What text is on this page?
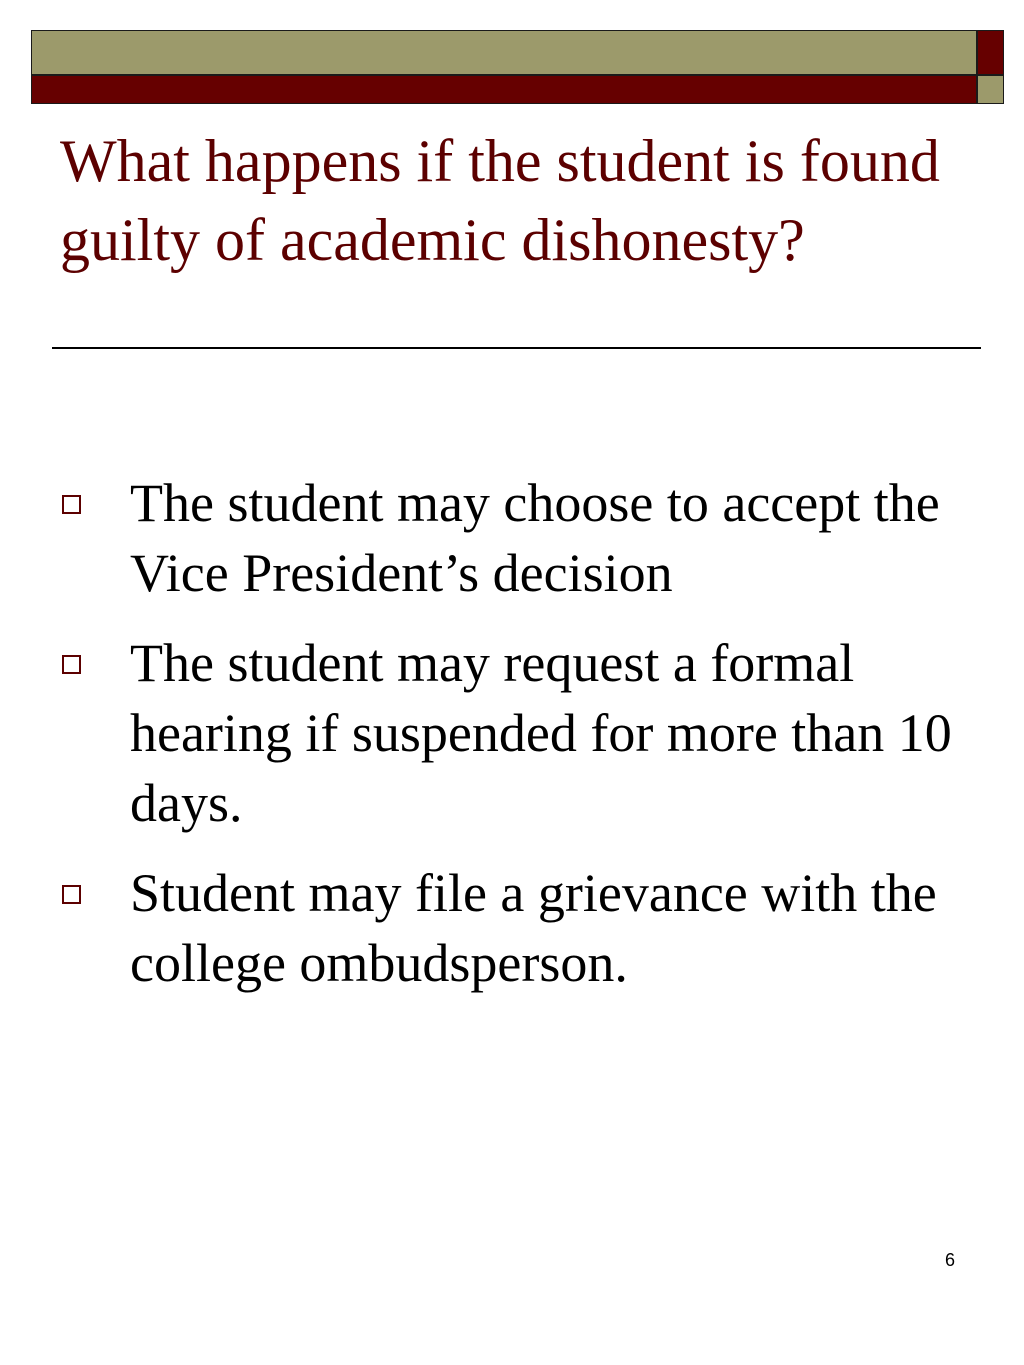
What happens if the student is found guilty of academic dishonesty?
The student may choose to accept the Vice President’s decision
The student may request a formal hearing if suspended for more than 10 days.
Student may file a grievance with the college ombudsperson.
6
